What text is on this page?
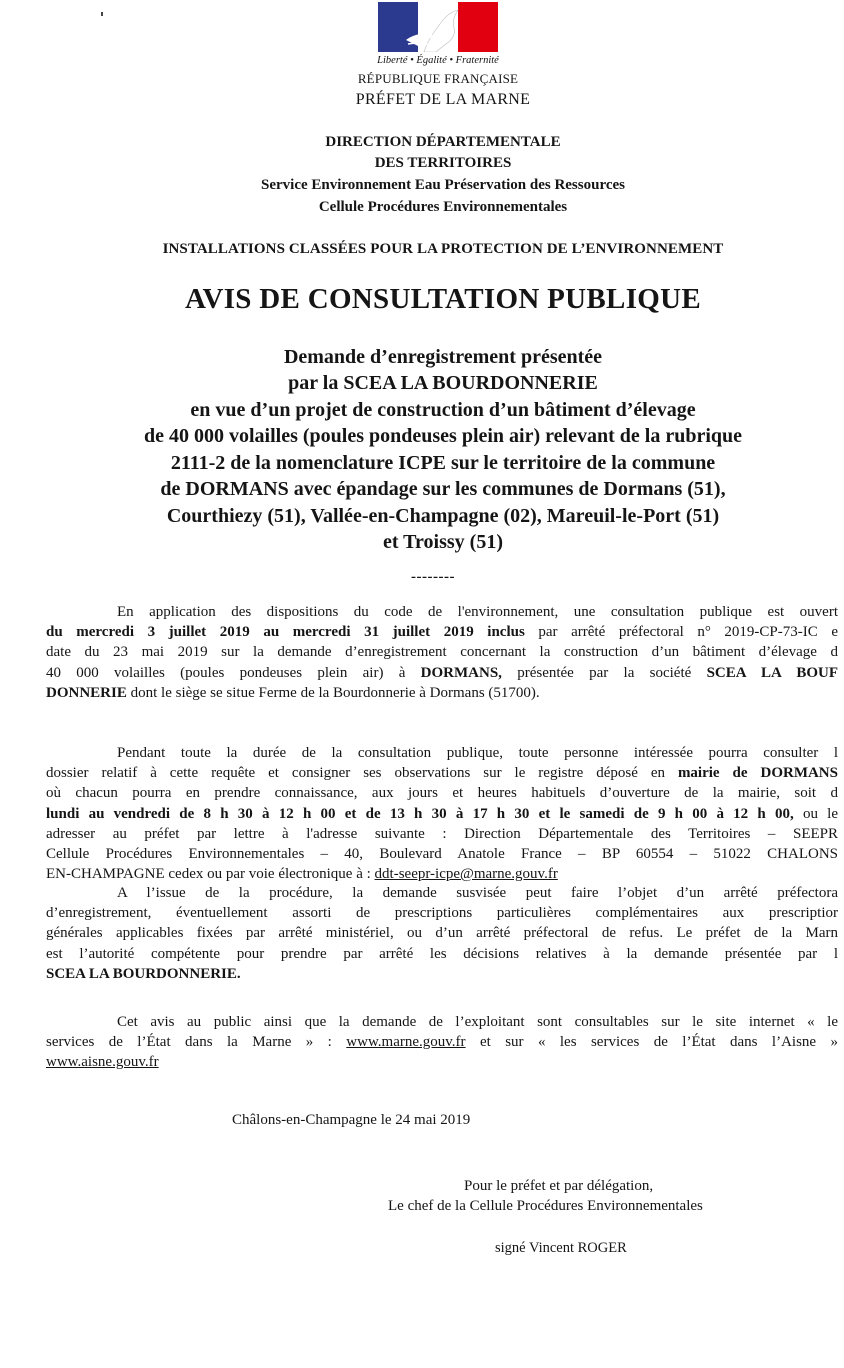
Liberté • Égalité • Fraternité
RÉPUBLIQUE FRANÇAISE
PRÉFET DE LA MARNE
DIRECTION DÉPARTEMENTALE
DES TERRITOIRES
Service Environnement Eau Préservation des Ressources
Cellule Procédures Environnementales
INSTALLATIONS CLASSÉES POUR LA PROTECTION DE L’ENVIRONNEMENT
AVIS DE CONSULTATION PUBLIQUE
Demande d’enregistrement présentée
par la SCEA LA BOURDONNERIE
en vue d’un projet de construction d’un bâtiment d’élevage
de 40 000 volailles (poules pondeuses plein air) relevant de la rubrique
2111-2 de la nomenclature ICPE sur le territoire de la commune
de DORMANS avec épandage sur les communes de Dormans (51),
Courthiezy (51), Vallée-en-Champagne (02), Mareuil-le-Port (51)
et Troissy (51)
--------
En application des dispositions du code de l'environnement, une consultation publique est ouvert
du mercredi 3 juillet 2019 au mercredi 31 juillet 2019 inclus par arrêté préfectoral n° 2019-CP-73-IC e
date du 23 mai 2019 sur la demande d’enregistrement concernant la construction d’un bâtiment d’élevage d
40 000 volailles (poules pondeuses plein air) à DORMANS, présentée par la société SCEA LA BOUF
DONNERIE dont le siège se situe Ferme de la Bourdonnerie à Dormans (51700).
Pendant toute la durée de la consultation publique, toute personne intéressée pourra consulter l
dossier relatif à cette requête et consigner ses observations sur le registre déposé en mairie de DORMANS
où chacun pourra en prendre connaissance, aux jours et heures habituels d’ouverture de la mairie, soit d
lundi au vendredi de 8 h 30 à 12 h 00 et de 13 h 30 à 17 h 30 et le samedi de 9 h 00 à 12 h 00, ou le
adresser au préfet par lettre à l'adresse suivante : Direction Départementale des Territoires – SEEPR
Cellule Procédures Environnementales – 40, Boulevard Anatole France – BP 60554 – 51022 CHALONS
EN-CHAMPAGNE cedex ou par voie électronique à : ddt-seepr-icpe@marne.gouv.fr
A l’issue de la procédure, la demande susvisée peut faire l’objet d’un arrêté préfectora
d’enregistrement, éventuellement assorti de prescriptions particulières complémentaires aux prescriptior
générales applicables fixées par arrêté ministériel, ou d’un arrêté préfectoral de refus. Le préfet de la Marn
est l’autorité compétente pour prendre par arrêté les décisions relatives à la demande présentée par l
SCEA LA BOURDONNERIE.
Cet avis au public ainsi que la demande de l’exploitant sont consultables sur le site internet « le
services de l’État dans la Marne » : www.marne.gouv.fr et sur « les services de l’État dans l’Aisne »
www.aisne.gouv.fr
Châlons-en-Champagne le 24 mai 2019
Pour le préfet et par délégation,
Le chef de la Cellule Procédures Environnementales
signé Vincent ROGER
